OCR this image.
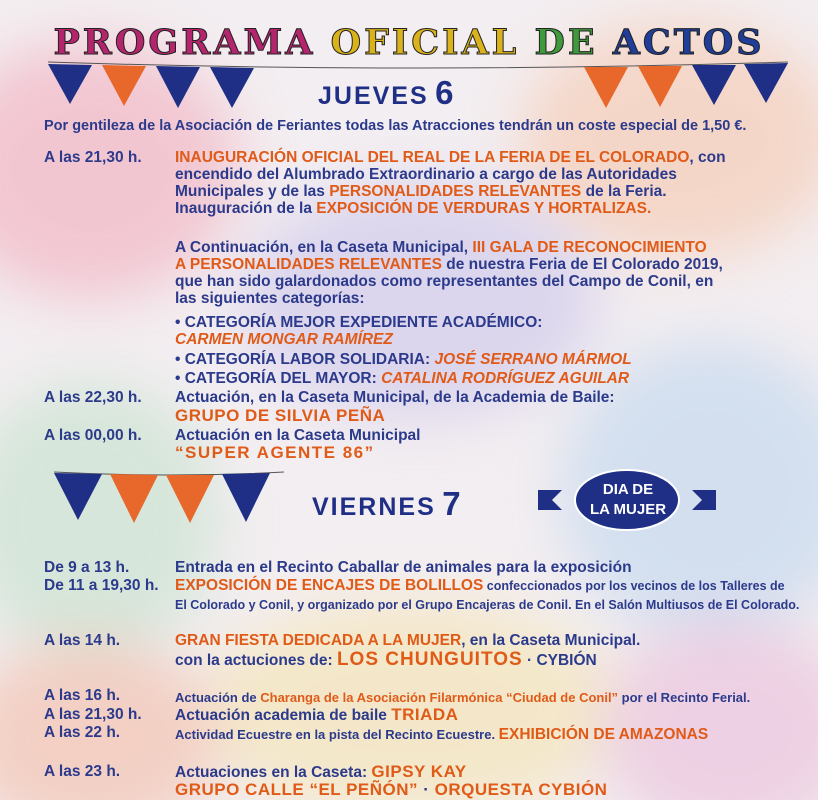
PROGRAMA OFICIAL DE ACTOS
JUEVES 6
Por gentileza de la Asociación de Feriantes todas las Atracciones tendrán un coste especial de 1,50 €.
A las 21,30 h. INAUGURACIÓN OFICIAL DEL REAL DE LA FERIA DE EL COLORADO, con
encendido del Alumbrado Extraordinario a cargo de las Autoridades
Municipales y de las PERSONALIDADES RELEVANTES de la Feria.
Inauguración de la EXPOSICIÓN DE VERDURAS Y HORTALIZAS.
A Continuación, en la Caseta Municipal, III GALA DE RECONOCIMIENTO
A PERSONALIDADES RELEVANTES de nuestra Feria de El Colorado 2019,
que han sido galardonados como representantes del Campo de Conil, en
las siguientes categorías:
• CATEGORÍA MEJOR EXPEDIENTE ACADÉMICO:
CARMEN MONGAR RAMÍREZ
• CATEGORÍA LABOR SOLIDARIA: JOSÉ SERRANO MÁRMOL
• CATEGORÍA DEL MAYOR: CATALINA RODRÍGUEZ AGUILAR
A las 22,30 h. Actuación, en la Caseta Municipal, de la Academia de Baile:
GRUPO DE SILVIA PEÑA
A las 00,00 h. Actuación en la Caseta Municipal
“SUPER AGENTE 86”
VIERNES 7	DIA DE
LA MUJER
De 9 a 13 h.	Entrada en el Recinto Caballar de animales para la exposición
De 11 a 19,30 h. EXPOSICIÓN DE ENCAJES DE BOLILLOS confeccionados por los vecinos de los Talleres de
El Colorado y Conil, y organizado por el Grupo Encajeras de Conil. En el Salón Multiusos de El Colorado.
A las 14 h.	GRAN FIESTA DEDICADA A LA MUJER, en la Caseta Municipal.
con la actuciones de: LOS CHUNGUITOS · CYBIÓN
A las 16 h.	Actuación de Charanga de la Asociación Filarmónica “Ciudad de Conil” por el Recinto Ferial.
A las 21,30 h. Actuación academia de baile TRIADA
A las 22 h.	Actividad Ecuestre en la pista del Recinto Ecuestre. EXHIBICIÓN DE AMAZONAS
A las 23 h.	Actuaciones en la Caseta: GIPSY KAY
GRUPO CALLE “EL PEÑÓN” · ORQUESTA CYBIÓN
